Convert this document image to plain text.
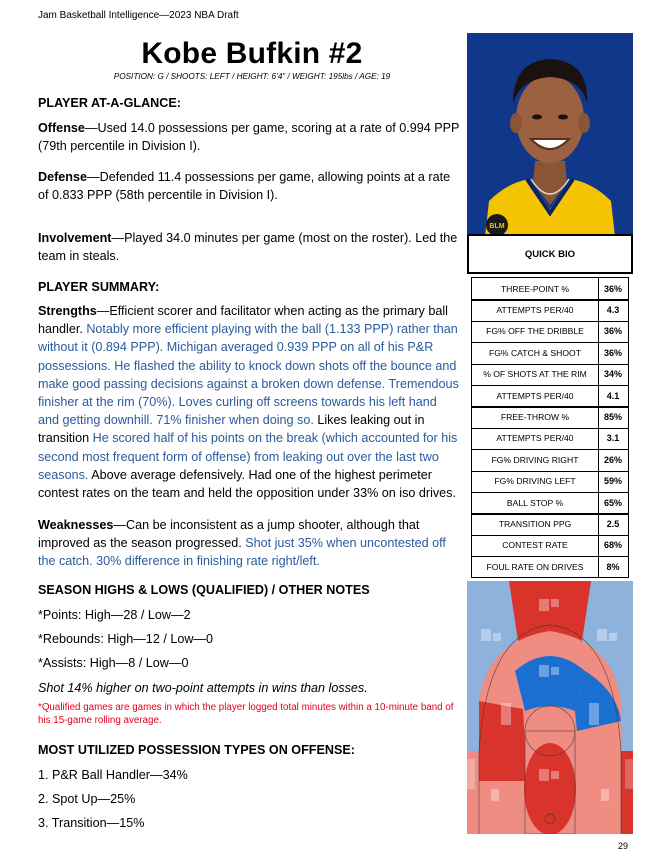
Jam Basketball Intelligence—2023 NBA Draft
Kobe Bufkin #2
POSITION: G / SHOOTS: LEFT / HEIGHT: 6’4” / WEIGHT: 195lbs / AGE: 19
PLAYER AT-A-GLANCE:
Offense—Used 14.0 possessions per game, scoring at a rate of 0.994 PPP (79th percentile in Division I).
Defense—Defended 11.4 possessions per game, allowing points at a rate of 0.833 PPP (58th percentile in Division I).
Involvement—Played 34.0 minutes per game (most on the roster). Led the team in steals.
PLAYER SUMMARY:
Strengths—Efficient scorer and facilitator when acting as the primary ball handler. Notably more efficient playing with the ball (1.133 PPP) rather than without it (0.894 PPP). Michigan averaged 0.939 PPP on all of his P&R possessions. He flashed the ability to knock down shots off the bounce and make good passing decisions against a broken down defense. Tremendous finisher at the rim (70%). Loves curling off screens towards his left hand and getting downhill. 71% finisher when doing so. Likes leaking out in transition He scored half of his points on the break (which accounted for his second most frequent form of offense) from leaking out over the last two seasons. Above average defensively. Had one of the highest perimeter contest rates on the team and held the opposition under 33% on iso drives.
Weaknesses—Can be inconsistent as a jump shooter, although that improved as the season progressed. Shot just 35% when uncontested off the catch. 30% difference in finishing rate right/left.
SEASON HIGHS & LOWS (QUALIFIED) / OTHER NOTES
*Points: High—28 / Low—2
*Rebounds: High—12 / Low—0
*Assists: High—8 / Low—0
Shot 14% higher on two-point attempts in wins than losses.
*Qualified games are games in which the player logged total minutes within a 10-minute band of his 15-game rolling average.
MOST UTILIZED POSSESSION TYPES ON OFFENSE:
1. P&R Ball Handler—34%
2. Spot Up—25%
3. Transition—15%
BLM
QUICK BIO
THREE-POINT %	36%
ATTEMPTS PER/40	4.3
FG% OFF THE DRIBBLE	36%
FG% CATCH & SHOOT	36%
% OF SHOTS AT THE RIM	34%
ATTEMPTS PER/40	4.1
FREE-THROW %	85%
ATTEMPTS PER/40	3.1
FG% DRIVING RIGHT	26%
FG% DRIVING LEFT	59%
BALL STOP %	65%
TRANSITION PPG	2.5
CONTEST RATE	68%
FOUL RATE ON DRIVES	8%
29
